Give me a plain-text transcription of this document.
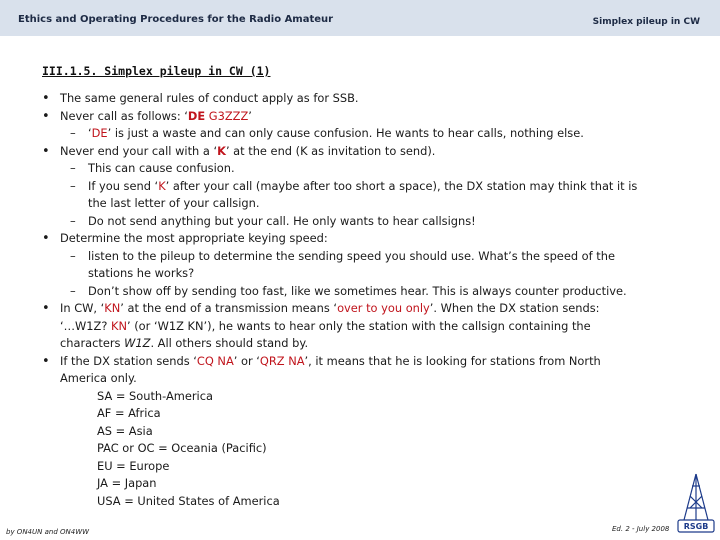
Ethics and Operating Procedures for the Radio Amateur	Simplex pileup in CW
III.1.5. Simplex pileup in CW (1)
• The same general rules of conduct apply as for SSB.
• Never call as follows: ‘DE G3ZZZ’
– ‘DE’ is just a waste and can only cause confusion. He wants to hear calls, nothing else.
• Never end your call with a ‘K’ at the end (K as invitation to send).
– This can cause confusion.
– If you send ‘K’ after your call (maybe after too short a space), the DX station may think that it is
the last letter of your callsign.
– Do not send anything but your call. He only wants to hear callsigns!
• Determine the most appropriate keying speed:
– listen to the pileup to determine the sending speed you should use. What’s the speed of the
stations he works?
– Don’t show off by sending too fast, like we sometimes hear. This is always counter productive.
• In CW, ‘KN’ at the end of a transmission means ‘over to you only’. When the DX station sends:
‘…W1Z? KN’ (or ‘W1Z KN’), he wants to hear only the station with the callsign containing the
characters W1Z. All others should stand by.
• If the DX station sends ‘CQ NA’ or ‘QRZ NA’, it means that he is looking for stations from North
America only.
SA = South-America
AF = Africa
AS = Asia
PAC or OC = Oceania (Pacific)
EU = Europe
JA = Japan
USA = United States of America
by ON4UN and ON4WW	Ed. 2 - July 2008 RSGB
